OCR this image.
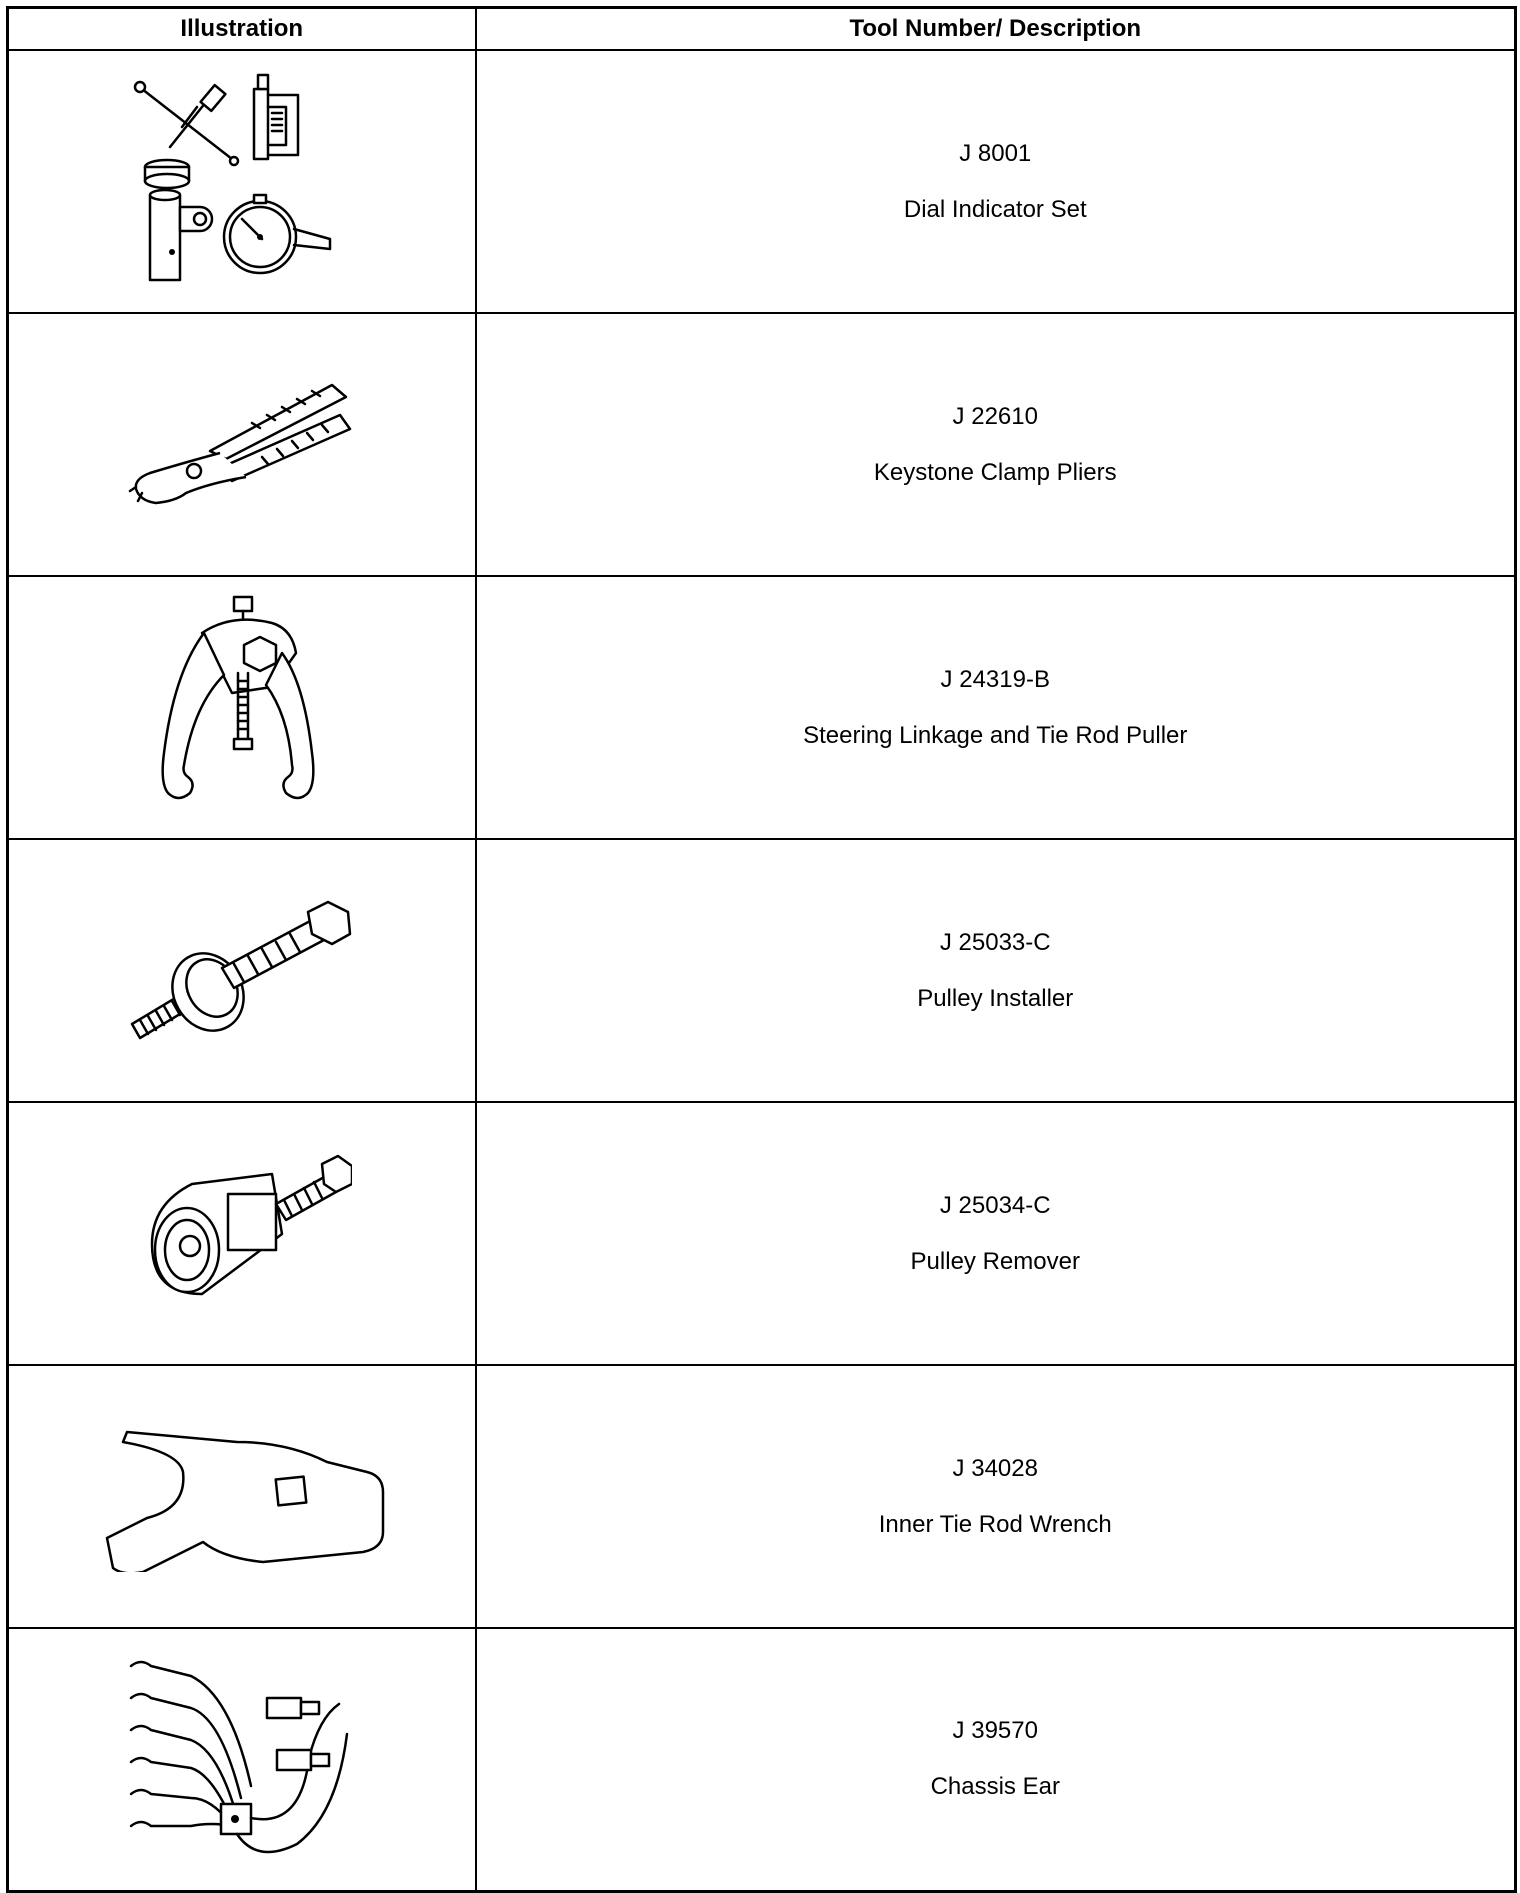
Illustration	Tool Number/ Description

J 8001
Dial Indicator Set

J 22610
Keystone Clamp Pliers

J 24319-B
Steering Linkage and Tie Rod Puller

J 25033-C
Pulley Installer

J 25034-C
Pulley Remover

J 34028
Inner Tie Rod Wrench

J 39570
Chassis Ear
